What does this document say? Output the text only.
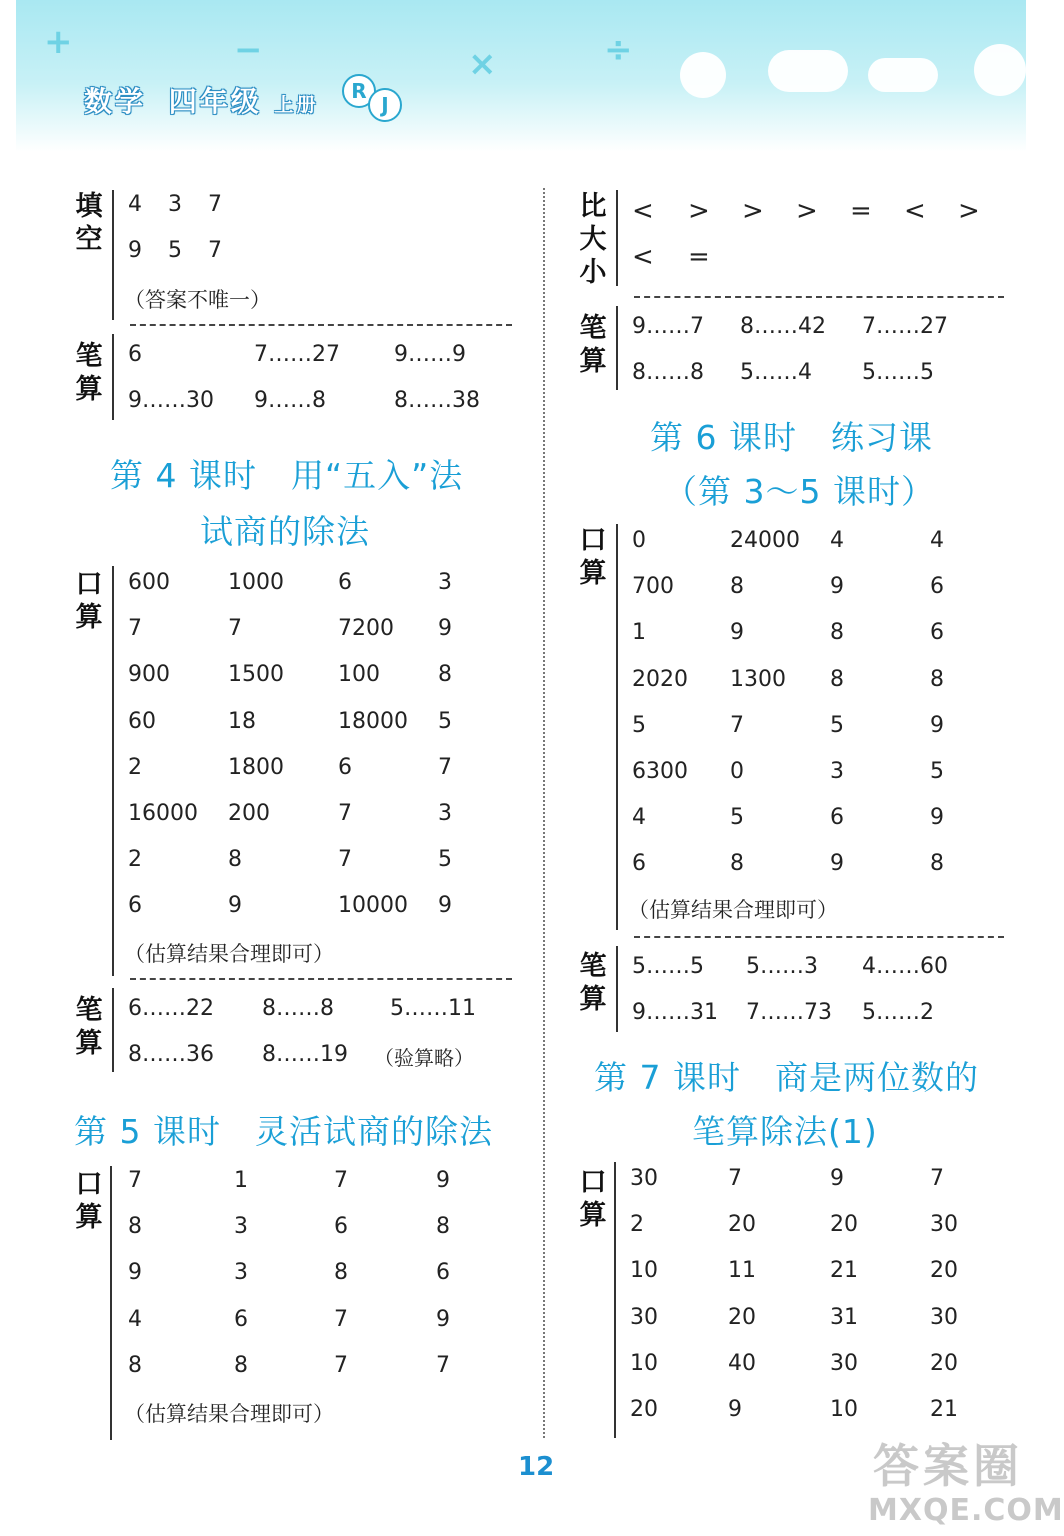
+	−	×	÷
数学 四年级 上册
R
J
填空
4 3 7
9 5 7
（答案不唯一）
笔算
6	7……27 9……9
9……30 9……8	8……38
第 4 课时　用“五入”法
试商的除法
口算
600	1000 6	3
7	7	7200 9
900	1500 100	8
60	18	18000 5
2	1800 6	7
16000 200	7	3
2	8	7	5
6	9	10000 9
（估算结果合理即可）
笔算
6……22 8……8	5……11
8……36 8……19 （验算略）
第 5 课时　灵活试商的除法
口算
7	1	7	9
8	3	6	8
9	3	8	6
4	6	7	9
8	8	7	7
（估算结果合理即可）
比大小
< > > > = < >
< =
笔算
9……7 8……42 7……27
8……8 5……4 5……5
第 6 课时　练习课
（第 3～5 课时）
口算
0	24000 4	4
700	8	9	6
1	9	8	6
2020 1300 8	8
5	7	5	9
6300 0	3	5
4	5	6	9
6	8	9	8
（估算结果合理即可）
笔算
5……5 5……3 4……60
9……31 7……73 5……2
第 7 课时　商是两位数的
笔算除法(1)
口算
30	7	9	7
2	20	20	30
10	11	21	20
30	20	31	30
10	40	30	20
20	9	10	21
12	答案圈
MXQE.COM
